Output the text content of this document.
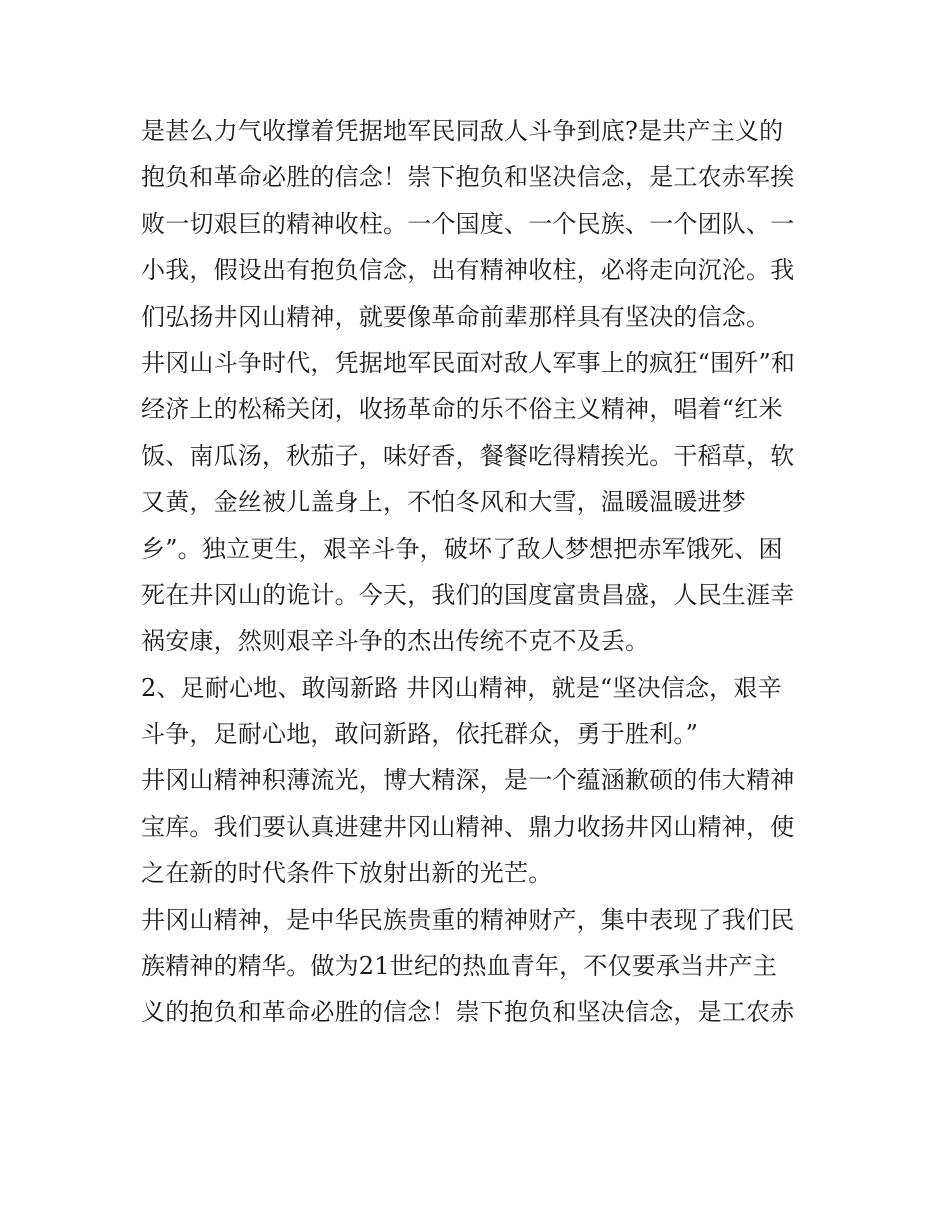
是甚么力气收撑着凭据地军民同敌人斗争到底?是共产主义的
抱负和革命必胜的信念！崇下抱负和坚决信念，是工农赤军挨
败一切艰巨的精神收柱。一个国度、一个民族、一个团队、一
小我，假设出有抱负信念，出有精神收柱，必将走向沉沦。我
们弘扬井冈山精神，就要像革命前辈那样具有坚决的信念。
井冈山斗争时代，凭据地军民面对敌人军事上的疯狂“围歼”和
经济上的松稀关闭，收扬革命的乐不俗主义精神，唱着“红米
饭、南瓜汤，秋茄子，味好香，餐餐吃得精挨光。干稻草，软
又黄，金丝被儿盖身上，不怕冬风和大雪，温暖温暖进梦
乡”。独立更生，艰辛斗争，破坏了敌人梦想把赤军饿死、困
死在井冈山的诡计。今天，我们的国度富贵昌盛，人民生涯幸
祸安康，然则艰辛斗争的杰出传统不克不及丢。
2、足耐心地、敢闯新路 井冈山精神，就是“坚决信念，艰辛
斗争，足耐心地，敢问新路，依托群众，勇于胜利。”
井冈山精神积薄流光，博大精深，是一个蕴涵歉硕的伟大精神
宝库。我们要认真进建井冈山精神、鼎力收扬井冈山精神，使
之在新的时代条件下放射出新的光芒。
井冈山精神，是中华民族贵重的精神财产，集中表现了我们民
族精神的精华。做为21世纪的热血青年，不仅要承当井产主
义的抱负和革命必胜的信念！崇下抱负和坚决信念，是工农赤
